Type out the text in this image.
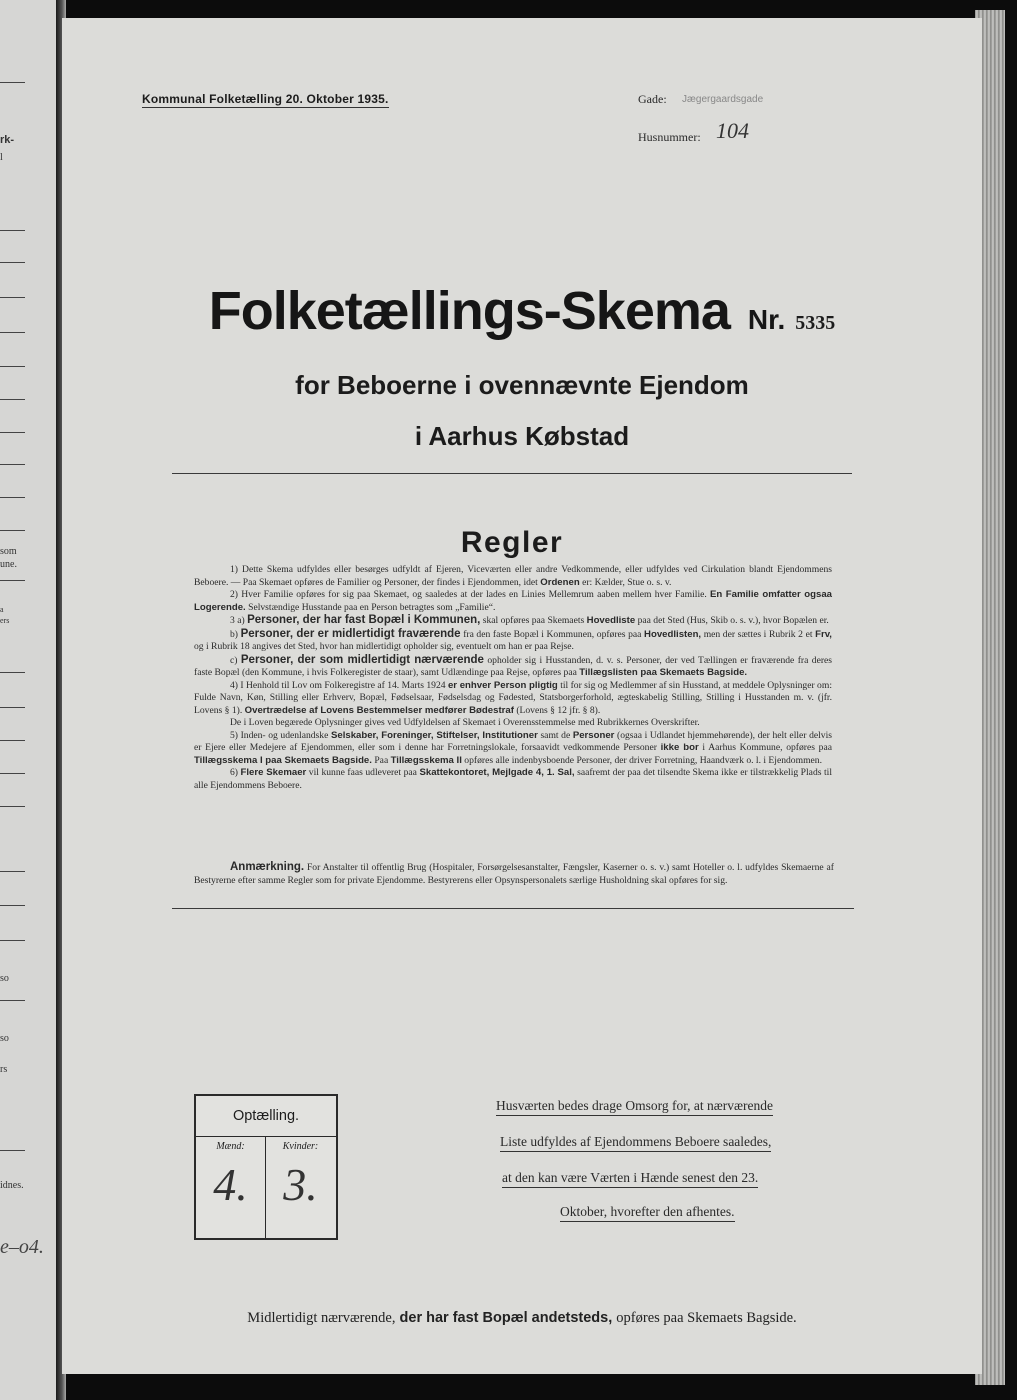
rk-
l
som
une.
a
ers
so
so
rs
idnes.
e–o4.
Kommunal Folketælling 20. Oktober 1935.	Gade: Jægergaardsgade
Husnummer: 104
Folketællings-Skema Nr. 5335
for Beboerne i ovennævnte Ejendom
i Aarhus Købstad
Regler

1) Dette Skema udfyldes eller besørges udfyldt af Ejeren, Viceværten eller andre Vedkommende, eller udfyldes ved Cirkulation blandt Ejendommens Beboere. — Paa Skemaet opføres de Familier og Personer, der findes i Ejendommen, idet Ordenen er: Kælder, Stue o. s. v.

2) Hver Familie opføres for sig paa Skemaet, og saaledes at der lades en Linies Mellemrum aaben mellem hver Familie. En Familie omfatter ogsaa Logerende. Selvstændige Husstande paa en Person betragtes som „Familie“.

3 a) Personer, der har fast Bopæl i Kommunen, skal opføres paa Skemaets Hovedliste paa det Sted (Hus, Skib o. s. v.), hvor Bopælen er.

b) Personer, der er midlertidigt fraværende fra den faste Bopæl i Kommunen, opføres paa Hovedlisten, men der sættes i Rubrik 2 et Frv, og i Rubrik 18 angives det Sted, hvor han midlertidigt opholder sig, eventuelt om han er paa Rejse.

c) Personer, der som midlertidigt nærværende opholder sig i Husstanden, d. v. s. Personer, der ved Tællingen er fraværende fra deres faste Bopæl (den Kommune, i hvis Folkeregister de staar), samt Udlændinge paa Rejse, opføres paa Tillægslisten paa Skemaets Bagside.

4) I Henhold til Lov om Folkeregistre af 14. Marts 1924 er enhver Person pligtig til for sig og Medlemmer af sin Husstand, at meddele Oplysninger om: Fulde Navn, Køn, Stilling eller Erhverv, Bopæl, Fødselsaar, Fødselsdag og Fødested, Statsborgerforhold, ægteskabelig Stilling, Stilling i Husstanden m. v. (jfr. Lovens § 1). Overtrædelse af Lovens Bestemmelser medfører Bødestraf (Lovens § 12 jfr. § 8).

De i Loven begærede Oplysninger gives ved Udfyldelsen af Skemaet i Overensstemmelse med Rubrikkernes Overskrifter.

5) Inden- og udenlandske Selskaber, Foreninger, Stiftelser, Institutioner samt de Personer (ogsaa i Udlandet hjemmehørende), der helt eller delvis er Ejere eller Medejere af Ejendommen, eller som i denne har Forretningslokale, forsaavidt vedkommende Personer ikke bor i Aarhus Kommune, opføres paa Tillægsskema I paa Skemaets Bagside. Paa Tillægsskema II opføres alle indenbysboende Personer, der driver Forretning, Haandværk o. l. i Ejendommen.

6) Flere Skemaer vil kunne faas udleveret paa Skattekontoret, Mejlgade 4, 1. Sal, saafremt der paa det tilsendte Skema ikke er tilstrækkelig Plads til alle Ejendommens Beboere.

Anmærkning. For Anstalter til offentlig Brug (Hospitaler, Forsørgelsesanstalter, Fængsler, Kaserner o. s. v.) samt Hoteller o. l. udfyldes Skemaerne af Bestyrerne efter samme Regler som for private Ejendomme. Bestyrerens eller Opsynspersonalets særlige Husholdning skal opføres for sig.

Optælling.
Mænd:
4.
Kvinder:
3.
Husværten bedes drage Omsorg for, at nærværende
Liste udfyldes af Ejendommens Beboere saaledes,
at den kan være Værten i Hænde senest den 23.
Oktober, hvorefter den afhentes.
Midlertidigt nærværende, der har fast Bopæl andetsteds, opføres paa Skemaets Bagside.
